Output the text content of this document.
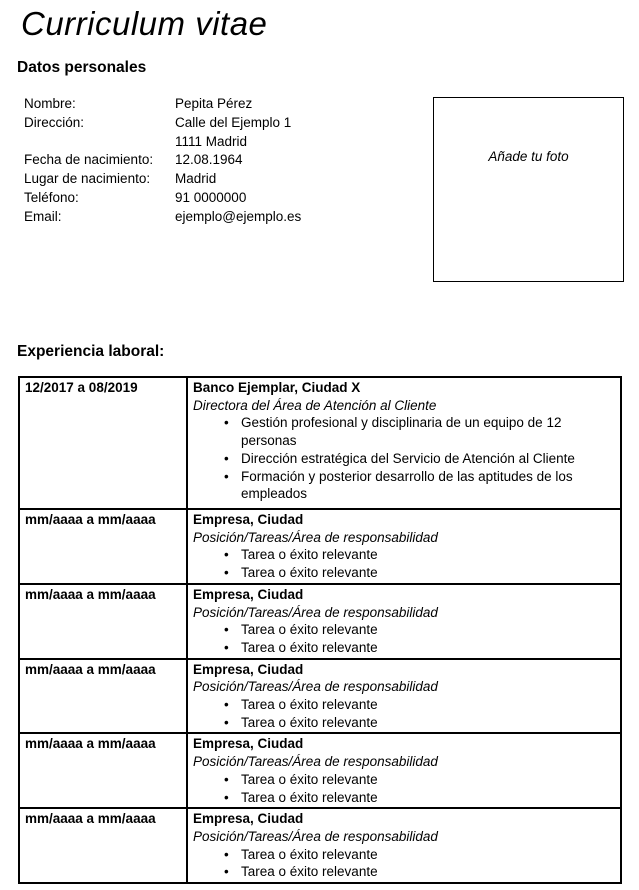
Curriculum vitae
Datos personales
Nombre:	Pepita Pérez
Dirección:	Calle del Ejemplo 1
1111 Madrid
Fecha de nacimiento:	12.08.1964
Lugar de nacimiento:	Madrid
Teléfono:	91 0000000
Email:	ejemplo@ejemplo.es
Añade tu foto
Experiencia laboral:
12/2017 a 08/2019	Banco Ejemplar, Ciudad X
Directora del Área de Atención al Cliente
• Gestión profesional y disciplinaria de un equipo de 12 personas
• Dirección estratégica del Servicio de Atención al Cliente
• Formación y posterior desarrollo de las aptitudes de los empleados

mm/aaaa a mm/aaaa	Empresa, Ciudad
Posición/Tareas/Área de responsabilidad
• Tarea o éxito relevante
• Tarea o éxito relevante

mm/aaaa a mm/aaaa	Empresa, Ciudad
Posición/Tareas/Área de responsabilidad
• Tarea o éxito relevante
• Tarea o éxito relevante

mm/aaaa a mm/aaaa	Empresa, Ciudad
Posición/Tareas/Área de responsabilidad
• Tarea o éxito relevante
• Tarea o éxito relevante

mm/aaaa a mm/aaaa	Empresa, Ciudad
Posición/Tareas/Área de responsabilidad
• Tarea o éxito relevante
• Tarea o éxito relevante

mm/aaaa a mm/aaaa	Empresa, Ciudad
Posición/Tareas/Área de responsabilidad
• Tarea o éxito relevante
• Tarea o éxito relevante
